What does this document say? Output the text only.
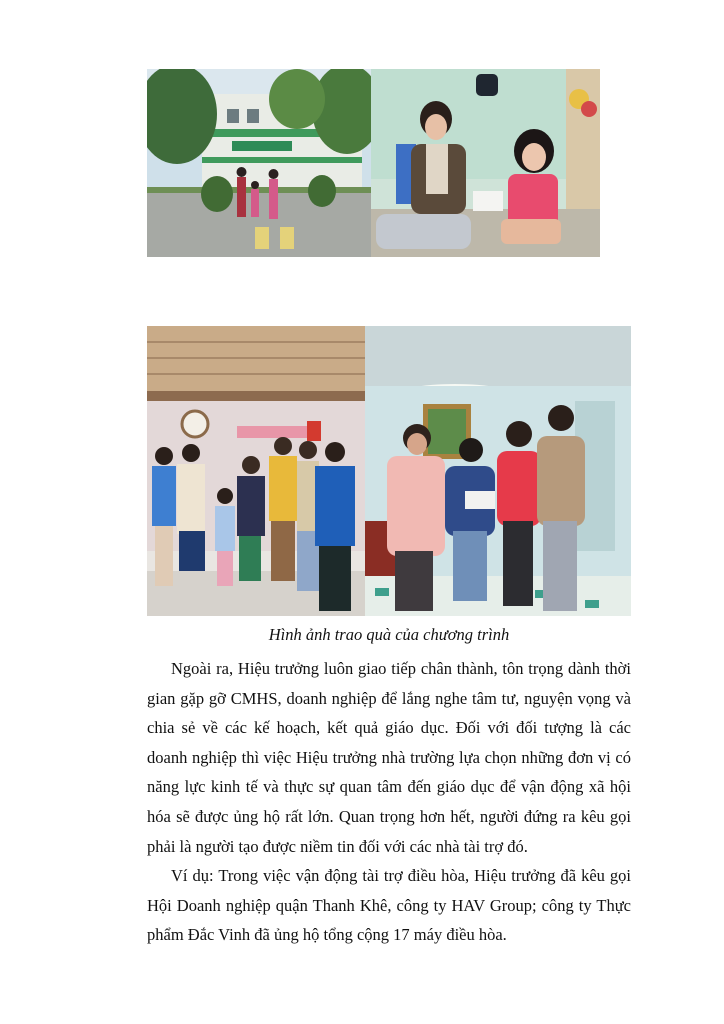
Hình ảnh trao quà của chương trình

Ngoài ra, Hiệu trưởng luôn giao tiếp chân thành, tôn trọng dành thời gian gặp gỡ CMHS, doanh nghiệp để lắng nghe tâm tư, nguyện vọng và chia sẻ về các kế hoạch, kết quả giáo dục. Đối với đối tượng là các doanh nghiệp thì việc Hiệu trưởng nhà trường lựa chọn những đơn vị có năng lực kinh tế và thực sự quan tâm đến giáo dục để vận động xã hội hóa sẽ được ủng hộ rất lớn. Quan trọng hơn hết, người đứng ra kêu gọi phải là người tạo được niềm tin đối với các nhà tài trợ đó.

Ví dụ: Trong việc vận động tài trợ điều hòa, Hiệu trưởng đã kêu gọi Hội Doanh nghiệp quận Thanh Khê, công ty HAV Group; công ty Thực phẩm Đắc Vinh đã ủng hộ tổng cộng 17 máy điều hòa.
